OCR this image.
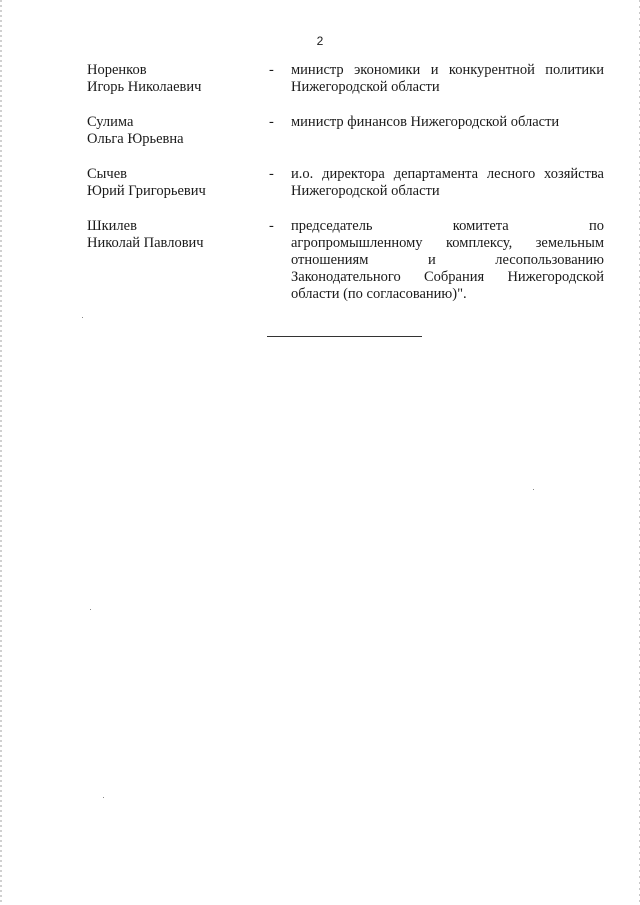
2
Норенков
Игорь Николаевич
- министр экономики и конкурентной политики
Нижегородской области
Сулима
Ольга Юрьевна
- министр финансов Нижегородской области
Сычев
Юрий Григорьевич
- и.о. директора департамента лесного хозяйства
Нижегородской области
Шкилев
Николай Павлович
- председатель комитета по
агропромышленному комплексу, земельным
отношениям и лесопользованию
Законодательного Собрания Нижегородской
области (по согласованию)".
